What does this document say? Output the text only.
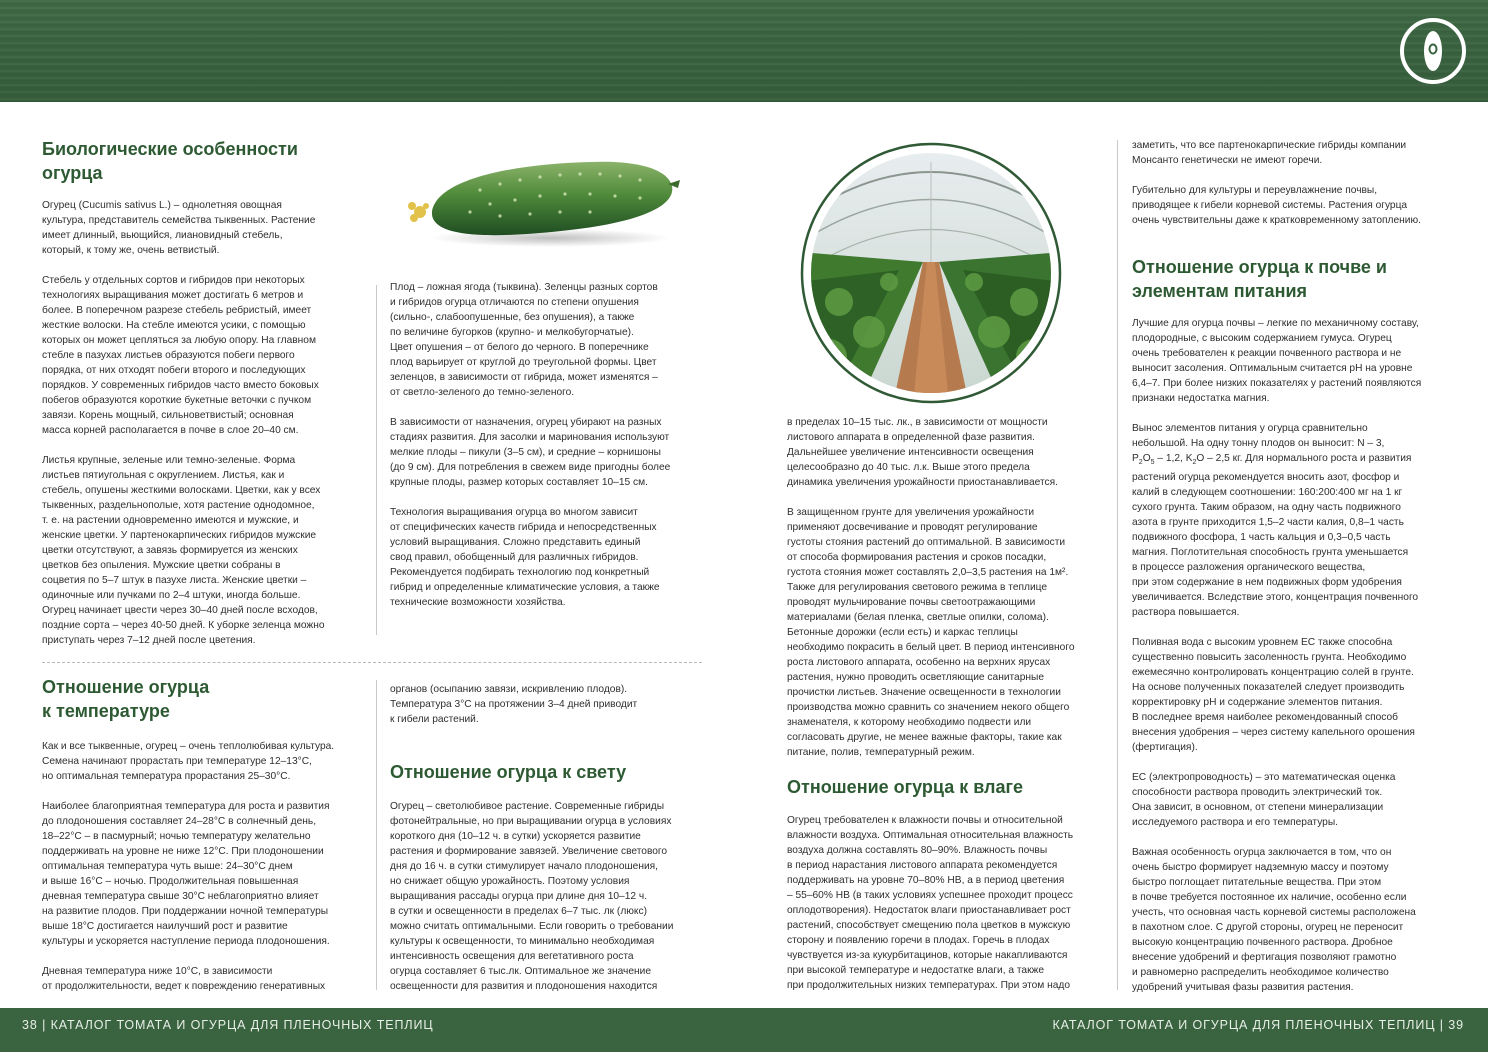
Биологические особенности
огурца

Огурец (Cucumis sativus L.) – однолетняя овощная
культура, представитель семейства тыквенных. Растение
имеет длинный, вьющийся, лиановидный стебель,
который, к тому же, очень ветвистый.

Стебель у отдельных сортов и гибридов при некоторых
технологиях выращивания может достигать 6 метров и
более. В поперечном разрезе стебель ребристый, имеет
жесткие волоски. На стебле имеются усики, с помощью
которых он может цепляться за любую опору. На главном
стебле в пазухах листьев образуются побеги первого
порядка, от них отходят побеги второго и последующих
порядков. У современных гибридов часто вместо боковых
побегов образуются короткие букетные веточки с пучком
завязи. Корень мощный, сильноветвистый; основная
масса корней располагается в почве в слое 20–40 см.

Листья крупные, зеленые или темно-зеленые. Форма
листьев пятиугольная с округлением. Листья, как и
стебель, опушены жесткими волосками. Цветки, как у всех
тыквенных, раздельнополые, хотя растение однодомное,
т. е. на растении одновременно имеются и мужские, и
женские цветки. У партенокарпических гибридов мужские
цветки отсутствуют, а завязь формируется из женских
цветков без опыления. Мужские цветки собраны в
соцветия по 5–7 штук в пазухе листа. Женские цветки –
одиночные или пучками по 2–4 штуки, иногда больше.
Огурец начинает цвести через 30–40 дней после всходов,
поздние сорта – через 40-50 дней. К уборке зеленца можно
приступать через 7–12 дней после цветения.

Плод – ложная ягода (тыквина). Зеленцы разных сортов
и гибридов огурца отличаются по степени опушения
(сильно-, слабоопушенные, без опушения), а также
по величине бугорков (крупно- и мелкобугорчатые).
Цвет опушения – от белого до черного. В поперечнике
плод варьирует от круглой до треугольной формы. Цвет
зеленцов, в зависимости от гибрида, может изменятся –
от светло-зеленого до темно-зеленого.

В зависимости от назначения, огурец убирают на разных
стадиях развития. Для засолки и маринования используют
мелкие плоды – пикули (3–5 см), и средние – корнишоны
(до 9 см). Для потребления в свежем виде пригодны более
крупные плоды, размер которых составляет 10–15 см.

Технология выращивания огурца во многом зависит
от специфических качеств гибрида и непосредственных
условий выращивания. Сложно представить единый
свод правил, обобщенный для различных гибридов.
Рекомендуется подбирать технологию под конкретный
гибрид и определенные климатические условия, а также
технические возможности хозяйства.

Отношение огурца
к температуре

Как и все тыквенные, огурец – очень теплолюбивая культура.
Семена начинают прорастать при температуре 12–13°С,
но оптимальная температура прорастания 25–30°С.

Наиболее благоприятная температура для роста и развития
до плодоношения составляет 24–28°С в солнечный день,
18–22°С – в пасмурный; ночью температуру желательно
поддерживать на уровне не ниже 12°С. При плодоношении
оптимальная температура чуть выше: 24–30°С днем
и выше 16°С – ночью. Продолжительная повышенная
дневная температура свыше 30°С неблагоприятно влияет
на развитие плодов. При поддержании ночной температуры
выше 18°С достигается наилучший рост и развитие
культуры и ускоряется наступление периода плодоношения.

Дневная температура ниже 10°С, в зависимости
от продолжительности, ведет к повреждению генеративных

органов (осыпанию завязи, искривлению плодов).
Температура 3°С на протяжении 3–4 дней приводит
к гибели растений.

Отношение огурца к свету

Огурец – светолюбивое растение. Современные гибриды
фотонейтральные, но при выращивании огурца в условиях
короткого дня (10–12 ч. в сутки) ускоряется развитие
растения и формирование завязей. Увеличение светового
дня до 16 ч. в сутки стимулирует начало плодоношения,
но снижает общую урожайность. Поэтому условия
выращивания рассады огурца при длине дня 10–12 ч.
в сутки и освещенности в пределах 6–7 тыс. лк (люкс)
можно считать оптимальными. Если говорить о требовании
культуры к освещенности, то минимально необходимая
интенсивность освещения для вегетативного роста
огурца составляет 6 тыс.лк. Оптимальное же значение
освещенности для развития и плодоношения находится

в пределах 10–15 тыс. лк., в зависимости от мощности
листового аппарата в определенной фазе развития.
Дальнейшее увеличение интенсивности освещения
целесообразно до 40 тыс. л.к. Выше этого предела
динамика увеличения урожайности приостанавливается.

В защищенном грунте для увеличения урожайности
применяют досвечивание и проводят регулирование
густоты стояния растений до оптимальной. В зависимости
от способа формирования растения и сроков посадки,
густота стояния может составлять 2,0–3,5 растения на 1м².
Также для регулирования светового режима в теплице
проводят мульчирование почвы светоотражающими
материалами (белая пленка, светлые опилки, солома).
Бетонные дорожки (если есть) и каркас теплицы
необходимо покрасить в белый цвет. В период интенсивного
роста листового аппарата, особенно на верхних ярусах
растения, нужно проводить осветляющие санитарные
прочистки листьев. Значение освещенности в технологии
производства можно сравнить со значением некого общего
знаменателя, к которому необходимо подвести или
согласовать другие, не менее важные факторы, такие как
питание, полив, температурный режим.

Отношение огурца к влаге

Огурец требователен к влажности почвы и относительной
влажности воздуха. Оптимальная относительная влажность
воздуха должна составлять 80–90%. Влажность почвы
в период нарастания листового аппарата рекомендуется
поддерживать на уровне 70–80% НВ, а в период цветения
– 55–60% НВ (в таких условиях успешнее проходит процесс
оплодотворения). Недостаток влаги приостанавливает рост
растений, способствует смещению пола цветков в мужскую
сторону и появлению горечи в плодах. Горечь в плодах
чувствуется из-за кукурбитацинов, которые накапливаются
при высокой температуре и недостатке влаги, а также
при продолжительных низких температурах. При этом надо

заметить, что все партенокарпические гибриды компании
Монсанто генетически не имеют горечи.

Губительно для культуры и переувлажнение почвы,
приводящее к гибели корневой системы. Растения огурца
очень чувствительны даже к кратковременному затоплению.

Отношение огурца к почве и
элементам питания

Лучшие для огурца почвы – легкие по механичному составу,
плодородные, с высоким содержанием гумуса. Огурец
очень требователен к реакции почвенного раствора и не
выносит засоления. Оптимальным считается рН на уровне
6,4–7. При более низких показателях у растений появляются
признаки недостатка магния.

Вынос элементов питания у огурца сравнительно
небольшой. На одну тонну плодов он выносит: N – 3,

$P_2O_5 - 1,2$, $K_2O - 2,5$ кг. Для нормального роста и развития

растений огурца рекомендуется вносить азот, фосфор и
калий в следующем соотношении: 160:200:400 мг на 1 кг
сухого грунта. Таким образом, на одну часть подвижного
азота в грунте приходится 1,5–2 части калия, 0,8–1 часть
подвижного фосфора, 1 часть кальция и 0,3–0,5 часть
магния. Поглотительная способность грунта уменьшается
в процессе разложения органического вещества,
при этом содержание в нем подвижных форм удобрения
увеличивается. Вследствие этого, концентрация почвенного
раствора повышается.

Поливная вода с высоким уровнем ЕС также способна
существенно повысить засоленность грунта. Необходимо
ежемесячно контролировать концентрацию солей в грунте.
На основе полученных показателей следует производить
корректировку рН и содержание элементов питания.
В последнее время наиболее рекомендованный способ
внесения удобрения – через систему капельного орошения
(фертигация).

ЕС (электропроводность) – это математическая оценка
способности раствора проводить электрический ток.
Она зависит, в основном, от степени минерализации
исследуемого раствора и его температуры.

Важная особенность огурца заключается в том, что он
очень быстро формирует надземную массу и поэтому
быстро поглощает питательные вещества. При этом
в почве требуется постоянное их наличие, особенно если
учесть, что основная часть корневой системы расположена
в пахотном слое. С другой стороны, огурец не переносит
высокую концентрацию почвенного раствора. Дробное
внесение удобрений и фертигация позволяют грамотно
и равномерно распределить необходимое количество
удобрений учитывая фазы развития растения.

38 | КАТАЛОГ ТОМАТА И ОГУРЦА ДЛЯ ПЛЕНОЧНЫХ ТЕПЛИЦ	КАТАЛОГ ТОМАТА И ОГУРЦА ДЛЯ ПЛЕНОЧНЫХ ТЕПЛИЦ | 39
